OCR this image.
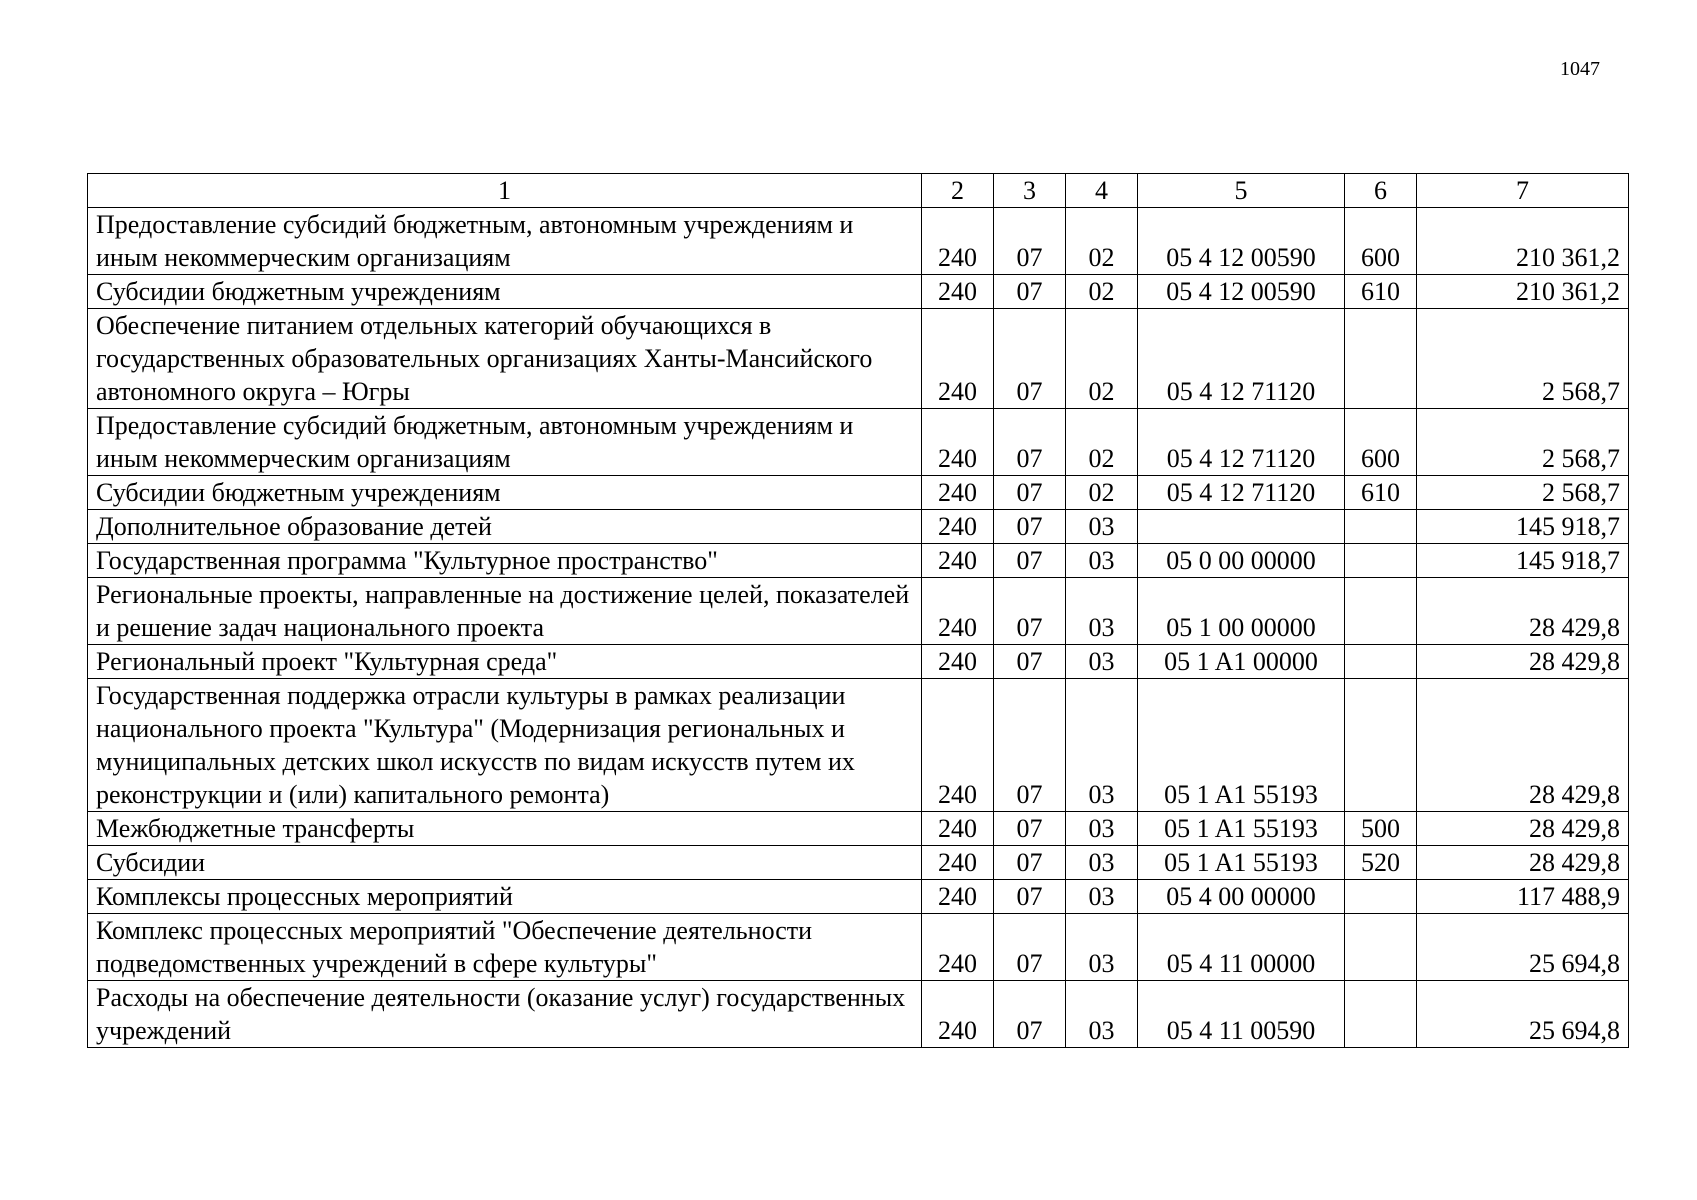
1047
1	2	3	4	5	6	7
Предоставление субсидий бюджетным, автономным учреждениям и иным некоммерческим организациям	240	07	02	05 4 12 00590	600	210 361,2
Субсидии бюджетным учреждениям	240	07	02	05 4 12 00590	610	210 361,2
Обеспечение питанием отдельных категорий обучающихся в государственных образовательных организациях Ханты-Мансийского автономного округа – Югры	240	07	02	05 4 12 71120		2 568,7
Предоставление субсидий бюджетным, автономным учреждениям и иным некоммерческим организациям	240	07	02	05 4 12 71120	600	2 568,7
Субсидии бюджетным учреждениям	240	07	02	05 4 12 71120	610	2 568,7
Дополнительное образование детей	240	07	03			145 918,7
Государственная программа "Культурное пространство"	240	07	03	05 0 00 00000		145 918,7
Региональные проекты, направленные на достижение целей, показателей и решение задач национального проекта	240	07	03	05 1 00 00000		28 429,8
Региональный проект "Культурная среда"	240	07	03	05 1 A1 00000		28 429,8
Государственная поддержка отрасли культуры в рамках реализации национального проекта "Культура" (Модернизация региональных и муниципальных детских школ искусств по видам искусств путем их реконструкции и (или) капитального ремонта)	240	07	03	05 1 A1 55193		28 429,8
Межбюджетные трансферты	240	07	03	05 1 A1 55193	500	28 429,8
Субсидии	240	07	03	05 1 A1 55193	520	28 429,8
Комплексы процессных мероприятий	240	07	03	05 4 00 00000		117 488,9
Комплекс процессных мероприятий "Обеспечение деятельности подведомственных учреждений в сфере культуры"	240	07	03	05 4 11 00000		25 694,8
Расходы на обеспечение деятельности (оказание услуг) государственных учреждений	240	07	03	05 4 11 00590		25 694,8
